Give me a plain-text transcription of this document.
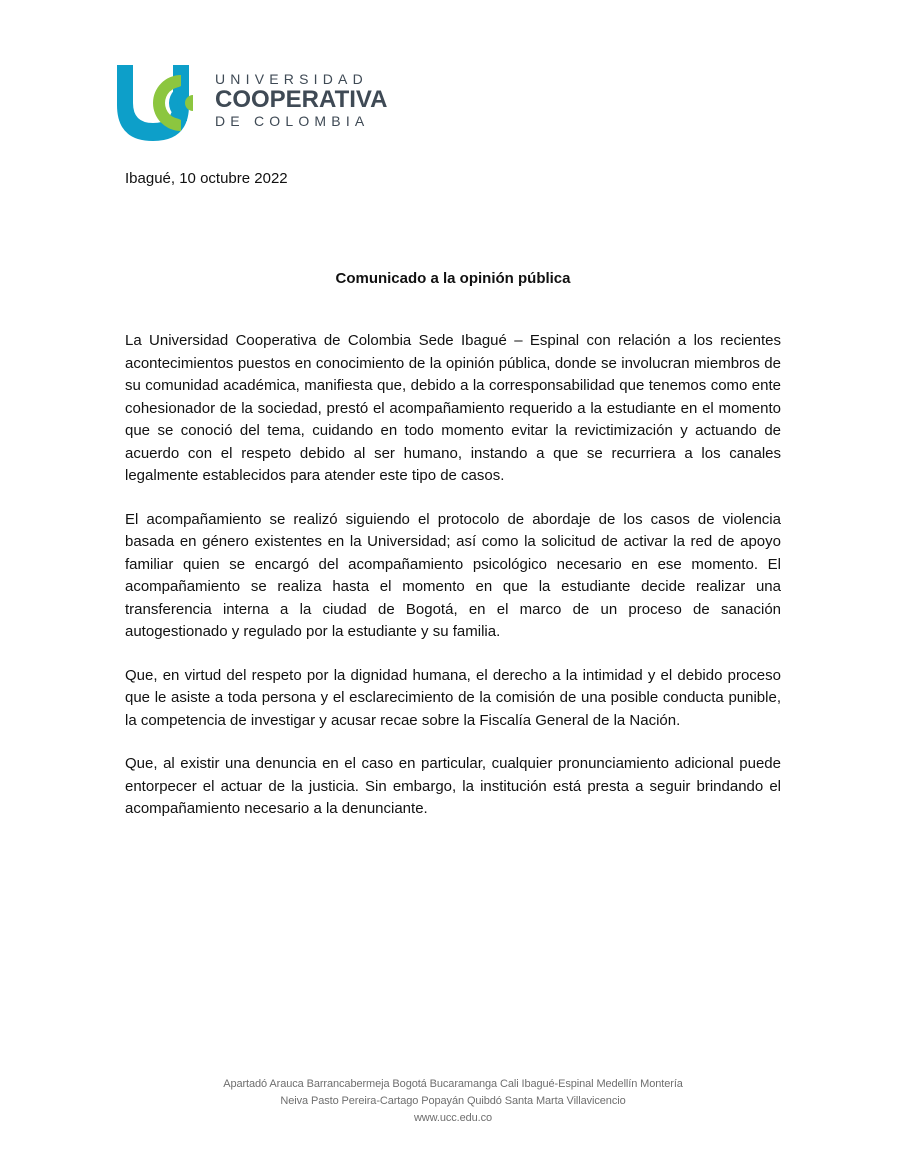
UNIVERSIDAD
COOPERATIVA
DE COLOMBIA
Ibagué, 10 octubre 2022
Comunicado a la opinión pública

La Universidad Cooperativa de Colombia Sede Ibagué – Espinal con relación a los recientes acontecimientos puestos en conocimiento de la opinión pública, donde se involucran miembros de su comunidad académica, manifiesta que, debido a la corresponsabilidad que tenemos como ente cohesionador de la sociedad, prestó el acompañamiento requerido a la estudiante en el momento que se conoció del tema, cuidando en todo momento evitar la revictimización y actuando de acuerdo con el respeto debido al ser humano, instando a que se recurriera a los canales legalmente establecidos para atender este tipo de casos.

El acompañamiento se realizó siguiendo el protocolo de abordaje de los casos de violencia basada en género existentes en la Universidad; así como la solicitud de activar la red de apoyo familiar quien se encargó del acompañamiento psicológico necesario en ese momento. El acompañamiento se realiza hasta el momento en que la estudiante decide realizar una transferencia interna a la ciudad de Bogotá, en el marco de un proceso de sanación autogestionado y regulado por la estudiante y su familia.

Que, en virtud del respeto por la dignidad humana, el derecho a la intimidad y el debido proceso que le asiste a toda persona y el esclarecimiento de la comisión de una posible conducta punible, la competencia de investigar y acusar recae sobre la Fiscalía General de la Nación.

Que, al existir una denuncia en el caso en particular, cualquier pronunciamiento adicional puede entorpecer el actuar de la justicia. Sin embargo, la institución está presta a seguir brindando el acompañamiento necesario a la denunciante.

Apartadó Arauca Barrancabermeja Bogotá Bucaramanga Cali Ibagué-Espinal Medellín Montería
Neiva Pasto Pereira-Cartago Popayán Quibdó Santa Marta Villavicencio
www.ucc.edu.co
